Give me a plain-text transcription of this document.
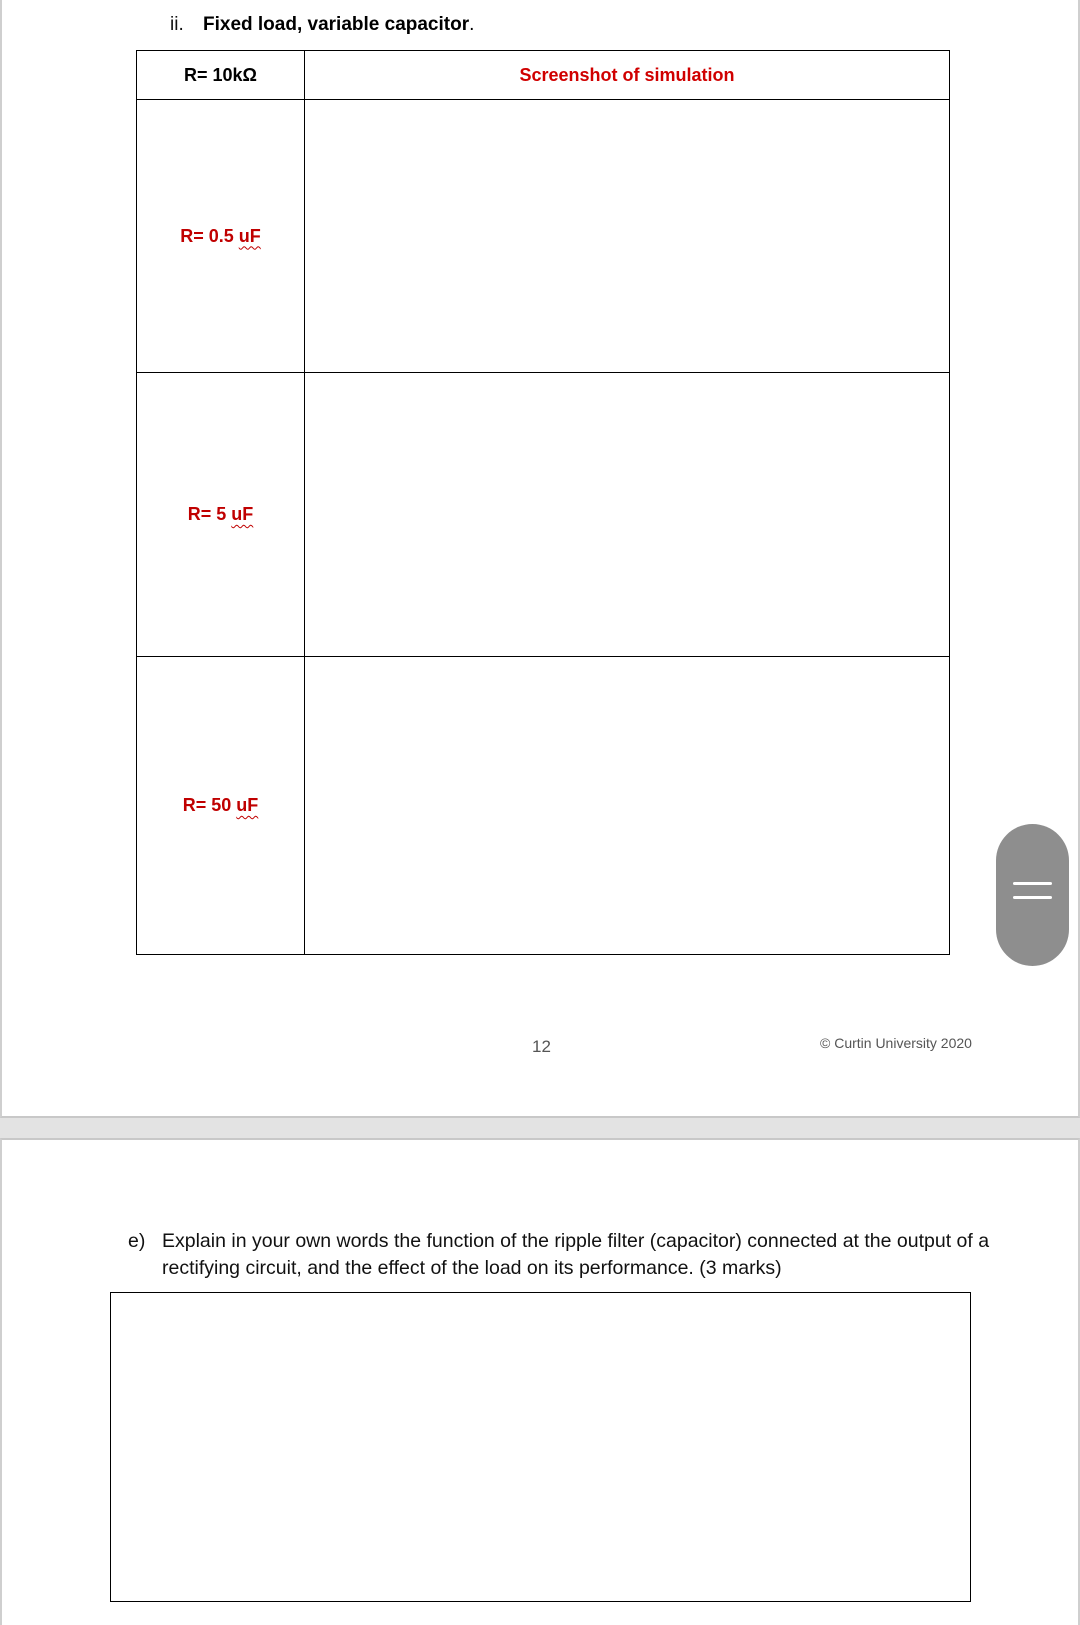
ii. Fixed load, variable capacitor.
R= 10kΩ	Screenshot of simulation
R= 0.5 uF	
R= 5 uF	
R= 50 uF	
12	© Curtin University 2020
e) Explain in your own words the function of the ripple filter (capacitor) connected at the output of a rectifying circuit, and the effect of the load on its performance. (3 marks)
